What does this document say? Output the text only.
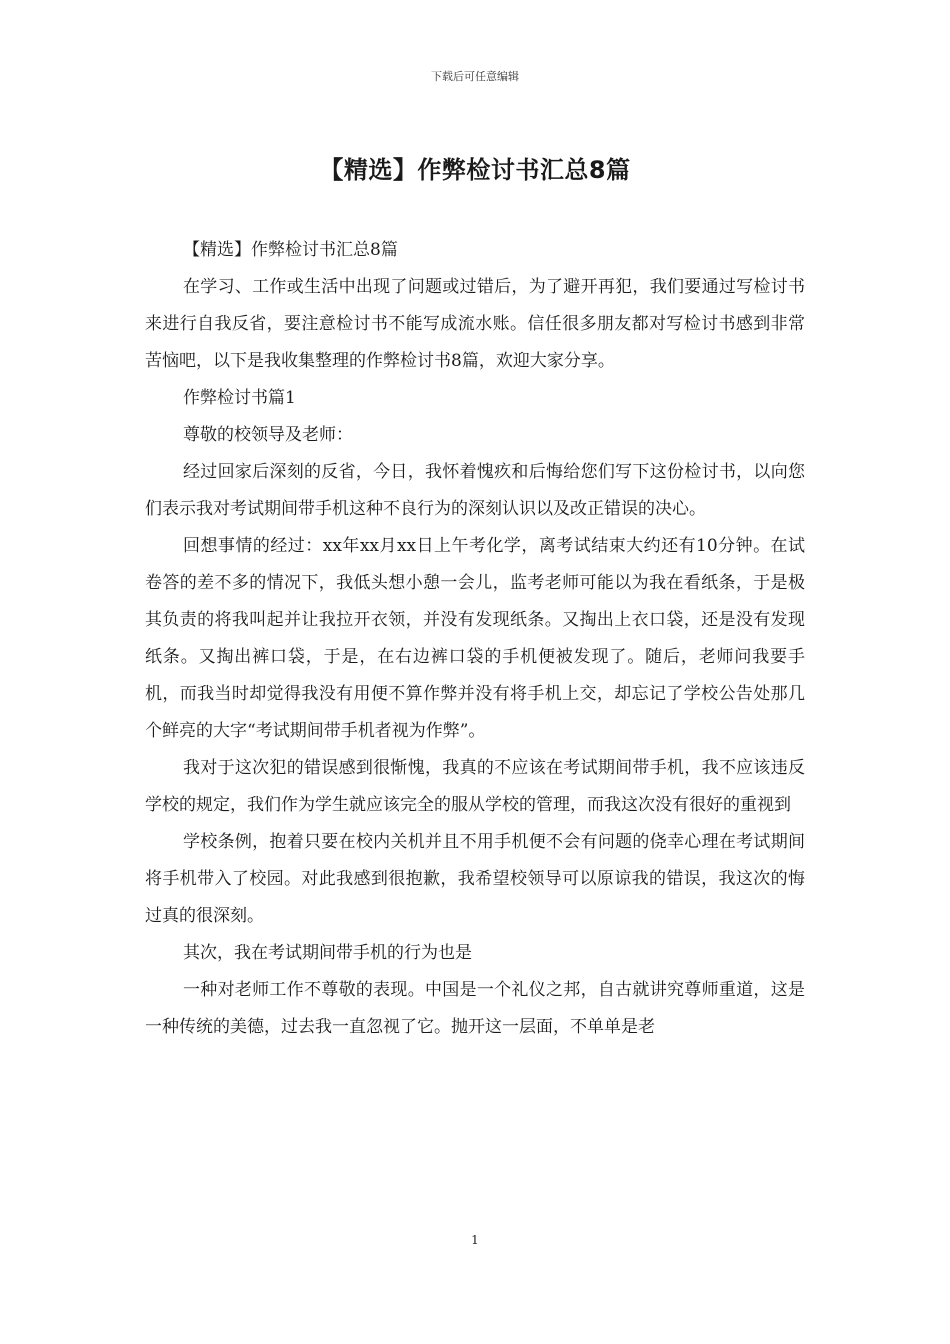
下载后可任意编辑
【精选】作弊检讨书汇总8篇

【精选】作弊检讨书汇总8篇

在学习、工作或生活中出现了问题或过错后，为了避开再犯，我们要通过写检讨书来进行自我反省，要注意检讨书不能写成流水账。信任很多朋友都对写检讨书感到非常苦恼吧，以下是我收集整理的作弊检讨书8篇，欢迎大家分享。

作弊检讨书篇1

尊敬的校领导及老师：

经过回家后深刻的反省，今日，我怀着愧疚和后悔给您们写下这份检讨书，以向您们表示我对考试期间带手机这种不良行为的深刻认识以及改正错误的决心。

回想事情的经过：xx年xx月xx日上午考化学，离考试结束大约还有10分钟。在试卷答的差不多的情况下，我低头想小憩一会儿，监考老师可能以为我在看纸条，于是极其负责的将我叫起并让我拉开衣领，并没有发现纸条。又掏出上衣口袋，还是没有发现纸条。又掏出裤口袋，于是，在右边裤口袋的手机便被发现了。随后，老师问我要手机，而我当时却觉得我没有用便不算作弊并没有将手机上交，却忘记了学校公告处那几个鲜亮的大字“考试期间带手机者视为作弊”。

我对于这次犯的错误感到很惭愧，我真的不应该在考试期间带手机，我不应该违反学校的规定，我们作为学生就应该完全的服从学校的管理，而我这次没有很好的重视到

学校条例，抱着只要在校内关机并且不用手机便不会有问题的侥幸心理在考试期间将手机带入了校园。对此我感到很抱歉，我希望校领导可以原谅我的错误，我这次的悔过真的很深刻。

其次，我在考试期间带手机的行为也是

一种对老师工作不尊敬的表现。中国是一个礼仪之邦，自古就讲究尊师重道，这是一种传统的美德，过去我一直忽视了它。抛开这一层面，不单单是老

1
